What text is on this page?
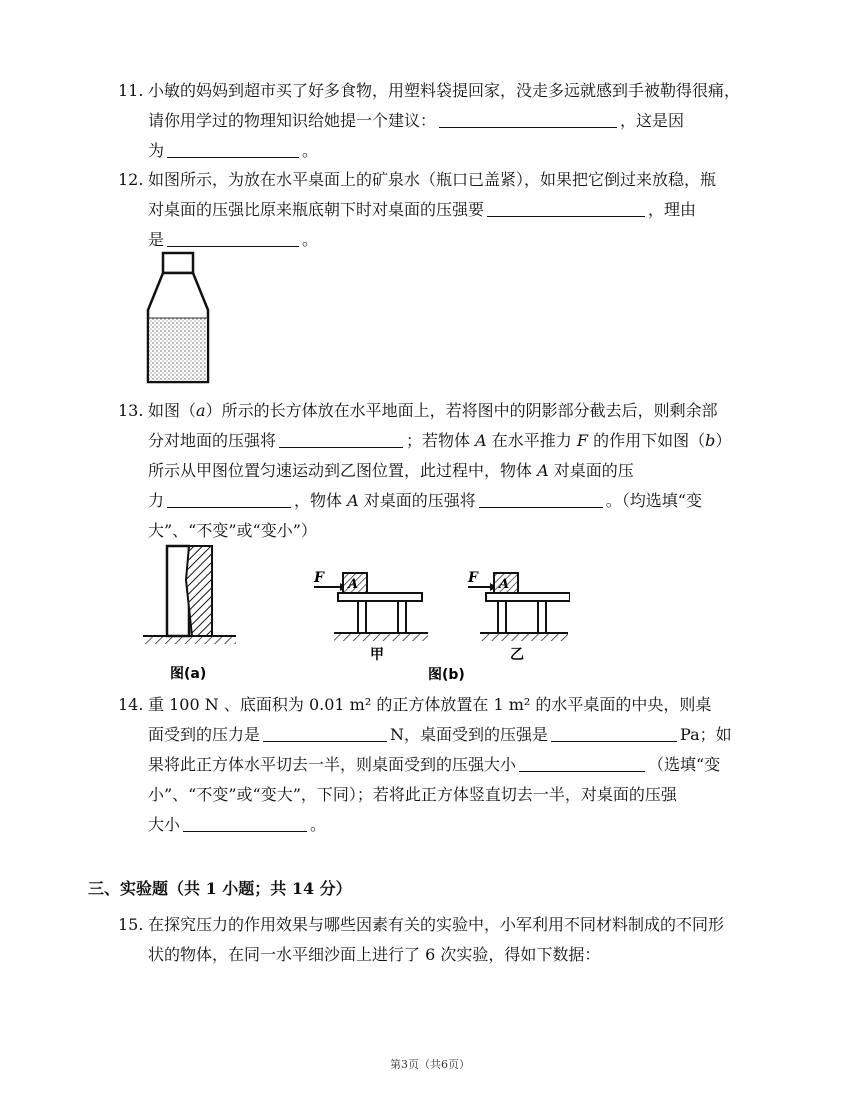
11. 小敏的妈妈到超市买了好多食物，用塑料袋提回家，没走多远就感到手被勒得很痛，
请你用学过的物理知识给她提一个建议：	，这是因
为	。
12. 如图所示，为放在水平桌面上的矿泉水（瓶口已盖紧），如果把它倒过来放稳，瓶
对桌面的压强比原来瓶底朝下时对桌面的压强要	，理由
是	。
13. 如图（a）所示的长方体放在水平地面上，若将图中的阴影部分截去后，则剩余部
分对地面的压强将	；若物体 A 在水平推力 F 的作用下如图（b）
所示从甲图位置匀速运动到乙图位置，此过程中，物体 A 对桌面的压
力	，物体 A 对桌面的压强将	。（均选填“变
大”、“不变”或“变小”）
图(a)
F A
甲
F A
乙
图(b)
14. 重 100 N 、底面积为 0.01 m² 的正方体放置在 1 m² 的水平桌面的中央，则桌
面受到的压力是	N，桌面受到的压强是	Pa；如
果将此正方体水平切去一半，则桌面受到的压强大小	（选填“变
小”、“不变”或“变大”，下同）；若将此正方体竖直切去一半，对桌面的压强
大小	。
三、实验题（共 1 小题；共 14 分）
15. 在探究压力的作用效果与哪些因素有关的实验中，小军利用不同材料制成的不同形
状的物体，在同一水平细沙面上进行了 6 次实验，得如下数据：
第3页（共6页）
